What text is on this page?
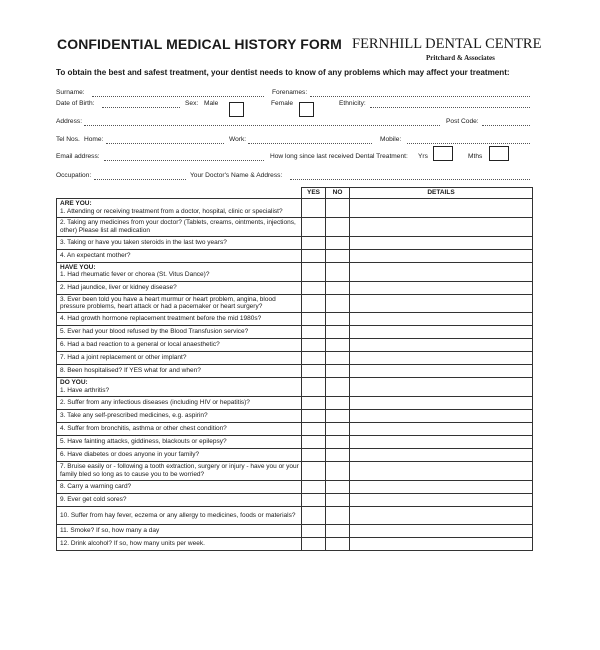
CONFIDENTIAL MEDICAL HISTORY FORM FERNHILL DENTAL CENTRE
Pritchard & Associates
To obtain the best and safest treatment, your dentist needs to know of any problems which may affect your treatment:
Surname:	Forenames:
Date of Birth:	Sex: Male	Female	Ethnicity:
Address:	Post Code:
Tel Nos. Home:	Work:	Mobile:
Email address:	How long since last received Dental Treatment: Yrs	Mths
Occupation:	Your Doctor's Name & Address:
	YES	NO	DETAILS

ARE YOU:
1. Attending or receiving treatment from a doctor, hospital, clinic or specialist?			

2. Taking any medicines from your doctor? (Tablets, creams, ointments, injections, other) Please list all medication			
3. Taking or have you taken steroids in the last two years?			
4. An expectant mother?			

HAVE YOU:
1. Had rheumatic fever or chorea (St. Vitus Dance)?			

2. Had jaundice, liver or kidney disease?			
3. Ever been told you have a heart murmur or heart problem, angina, blood pressure problems, heart attack or had a pacemaker or heart surgery?			
4. Had growth hormone replacement treatment before the mid 1980s?			
5. Ever had your blood refused by the Blood Transfusion service?			
6. Had a bad reaction to a general or local anaesthetic?			
7. Had a joint replacement or other implant?			
8. Been hospitalised? If YES what for and when?			

DO YOU:
1. Have arthritis?			

2. Suffer from any infectious diseases (including HIV or hepatitis)?			
3. Take any self-prescribed medicines, e.g. aspirin?			
4. Suffer from bronchitis, asthma or other chest condition?			
5. Have fainting attacks, giddiness, blackouts or epilepsy?			
6. Have diabetes or does anyone in your family?			
7. Bruise easily or - following a tooth extraction, surgery or injury - have you or your family bled so long as to cause you to be worried?			
8. Carry a warning card?			
9. Ever get cold sores?			
10. Suffer from hay fever, eczema or any allergy to medicines, foods or materials?			
11. Smoke? If so, how many a day			
12. Drink alcohol? If so, how many units per week.			
